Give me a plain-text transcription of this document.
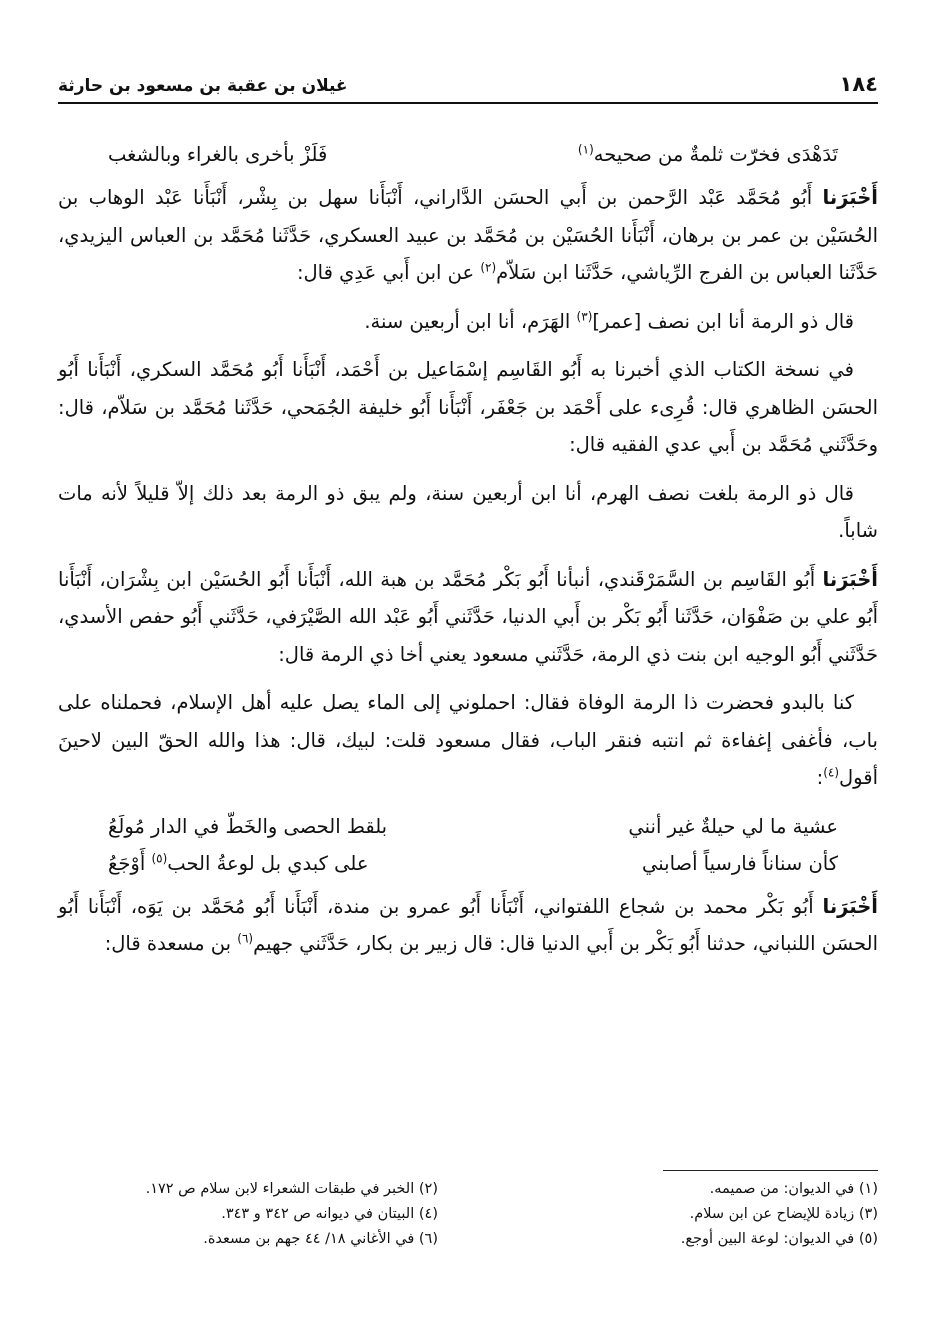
١٨٤
غيلان بن عقبة بن مسعود بن حارثة
تَدَهْدَى فخرّت ثلمةٌ من صحيحه$^{(١)}$
فَلَزْ بأخرى بالغراء وبالشغب

أَخْبَرَنا أَبُو مُحَمَّد عَبْد الرَّحمن بن أَبي الحسَن الدَّاراني، أَنْبَأَنا سهل بن بِشْر، أَنْبَأَنا عَبْد الوهاب بن الحُسَيْن بن عمر بن برهان، أَنْبَأَنا الحُسَيْن بن مُحَمَّد بن عبيد العسكري، حَدَّثَنا مُحَمَّد بن العباس اليزيدي، حَدَّثَنا العباس بن الفرج الرِّياشي، حَدَّثَنا ابن سَلاّم$^{(٢)}$ عن ابن أَبي عَدِي قال:

قال ذو الرمة أنا ابن نصف [عمر]$^{(٣)}$ الهَرَم، أنا ابن أربعين سنة.

في نسخة الكتاب الذي أخبرنا به أَبُو القَاسِم إسْمَاعيل بن أَحْمَد، أَنْبَأَنا أَبُو مُحَمَّد السكري، أَنْبَأَنا أَبُو الحسَن الظاهري قال: قُرِىء على أَحْمَد بن جَعْفَر، أَنْبَأَنا أَبُو خليفة الجُمَحي، حَدَّثَنا مُحَمَّد بن سَلاّم، قال: وحَدَّثَني مُحَمَّد بن أَبي عدي الفقيه قال:

قال ذو الرمة بلغت نصف الهرم، أنا ابن أربعين سنة، ولم يبق ذو الرمة بعد ذلك إلاّ قليلاً لأنه مات شاباً.

أَخْبَرَنا أَبُو القَاسِم بن السَّمَرْقَندي، أنبأنا أَبُو بَكْر مُحَمَّد بن هبة الله، أَنْبَأَنا أَبُو الحُسَيْن ابن بِشْرَان، أَنْبَأَنا أَبُو علي بن صَفْوَان، حَدَّثَنا أَبُو بَكْر بن أَبي الدنيا، حَدَّثَني أَبُو عَبْد الله الصَّيْرَفي، حَدَّثَني أَبُو حفص الأسدي، حَدَّثَني أَبُو الوجيه ابن بنت ذي الرمة، حَدَّثَني مسعود يعني أخا ذي الرمة قال:

كنا بالبدو فحضرت ذا الرمة الوفاة فقال: احملوني إلى الماء يصل عليه أهل الإسلام، فحملناه على باب، فأغفى إغفاءة ثم انتبه فنقر الباب، فقال مسعود قلت: لبيك، قال: هذا والله الحقّ البين لاحينَ أقول$^{(٤)}$:

عشية ما لي حيلةٌ غير أنني
بلقط الحصى والخَطّ في الدار مُولَعُ
كأن سناناً فارسياً أصابني
على كبدي بل لوعةُ الحب$^{(٥)}$ أَوْجَعُ

أَخْبَرَنا أَبُو بَكْر محمد بن شجاع اللفتواني، أَنْبَأَنا أَبُو عمرو بن مندة، أَنْبَأَنا أَبُو مُحَمَّد بن يَوَه، أَنْبَأَنا أَبُو الحسَن اللنباني، حدثنا أَبُو بَكْر بن أَبي الدنيا قال: قال زبير بن بكار، حَدَّثَني جهيم$^{(٦)}$ بن مسعدة قال:

(١) في الديوان: من صميمه.
(٢) الخبر في طبقات الشعراء لابن سلام ص ١٧٢.
(٣) زيادة للإيضاح عن ابن سلام.
(٤) البيتان في ديوانه ص ٣٤٢ و ٣٤٣.
(٥) في الديوان: لوعة البين أوجع.
(٦) في الأغاني ١٨/ ٤٤ جهم بن مسعدة.
